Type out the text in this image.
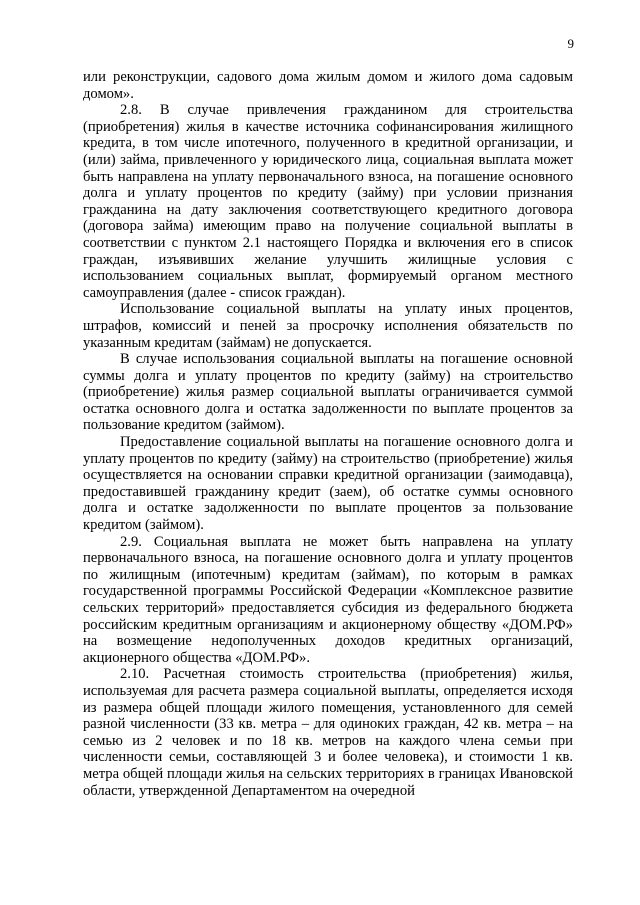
9

или реконструкции, садового дома жилым домом и жилого дома садовым домом».

2.8. В случае привлечения гражданином для строительства (приобретения) жилья в качестве источника софинансирования жилищного кредита, в том числе ипотечного, полученного в кредитной организации, и (или) займа, привлеченного у юридического лица, социальная выплата может быть направлена на уплату первоначального взноса, на погашение основного долга и уплату процентов по кредиту (займу) при условии признания гражданина на дату заключения соответствующего кредитного договора (договора займа) имеющим право на получение социальной выплаты в соответствии с пунктом 2.1 настоящего Порядка и включения его в список граждан, изъявивших желание улучшить жилищные условия с использованием социальных выплат, формируемый органом местного самоуправления (далее - список граждан).

Использование социальной выплаты на уплату иных процентов, штрафов, комиссий и пеней за просрочку исполнения обязательств по указанным кредитам (займам) не допускается.

В случае использования социальной выплаты на погашение основной суммы долга и уплату процентов по кредиту (займу) на строительство (приобретение) жилья размер социальной выплаты ограничивается суммой остатка основного долга и остатка задолженности по выплате процентов за пользование кредитом (займом).

Предоставление социальной выплаты на погашение основного долга и уплату процентов по кредиту (займу) на строительство (приобретение) жилья осуществляется на основании справки кредитной организации (заимодавца), предоставившей гражданину кредит (заем), об остатке суммы основного долга и остатке задолженности по выплате процентов за пользование кредитом (займом).

2.9. Социальная выплата не может быть направлена на уплату первоначального взноса, на погашение основного долга и уплату процентов по жилищным (ипотечным) кредитам (займам), по которым в рамках государственной программы Российской Федерации «Комплексное развитие сельских территорий» предоставляется субсидия из федерального бюджета российским кредитным организациям и акционерному обществу «ДОМ.РФ» на возмещение недополученных доходов кредитных организаций, акционерного общества «ДОМ.РФ».

2.10. Расчетная стоимость строительства (приобретения) жилья, используемая для расчета размера социальной выплаты, определяется исходя из размера общей площади жилого помещения, установленного для семей разной численности (33 кв. метра – для одиноких граждан, 42 кв. метра – на семью из 2 человек и по 18 кв. метров на каждого члена семьи при численности семьи, составляющей 3 и более человека), и стоимости 1 кв. метра общей площади жилья на сельских территориях в границах Ивановской области, утвержденной Департаментом на очередной
